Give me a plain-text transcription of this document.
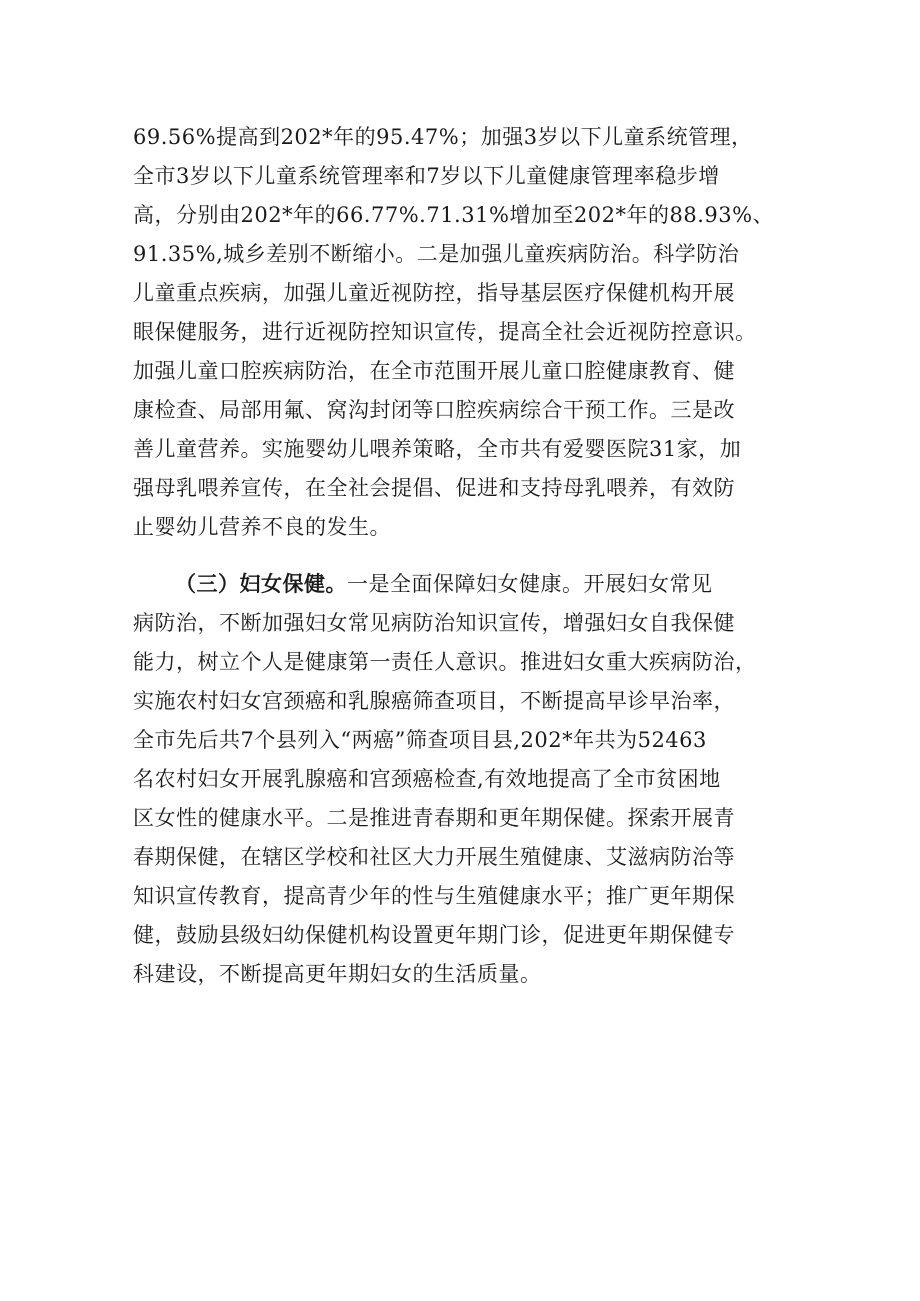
69.56%提高到202*年的95.47%；加强3岁以下儿童系统管理，
全市3岁以下儿童系统管理率和7岁以下儿童健康管理率稳步增
高，分别由202*年的66.77%.71.31%增加至202*年的88.93%、
91.35%,城乡差别不断缩小。二是加强儿童疾病防治。科学防治
儿童重点疾病，加强儿童近视防控，指导基层医疗保健机构开展
眼保健服务，进行近视防控知识宣传，提高全社会近视防控意识。
加强儿童口腔疾病防治，在全市范围开展儿童口腔健康教育、健
康检查、局部用氟、窝沟封闭等口腔疾病综合干预工作。三是改
善儿童营养。实施婴幼儿喂养策略，全市共有爱婴医院31家，加
强母乳喂养宣传，在全社会提倡、促进和支持母乳喂养，有效防
止婴幼儿营养不良的发生。
（三）妇女保健。一是全面保障妇女健康。开展妇女常见
病防治，不断加强妇女常见病防治知识宣传，增强妇女自我保健
能力，树立个人是健康第一责任人意识。推进妇女重大疾病防治，
实施农村妇女宫颈癌和乳腺癌筛查项目，不断提高早诊早治率，
全市先后共7个县列入“两癌”筛查项目县,202*年共为52463
名农村妇女开展乳腺癌和宫颈癌检查,有效地提高了全市贫困地
区女性的健康水平。二是推进青春期和更年期保健。探索开展青
春期保健，在辖区学校和社区大力开展生殖健康、艾滋病防治等
知识宣传教育，提高青少年的性与生殖健康水平；推广更年期保
健，鼓励县级妇幼保健机构设置更年期门诊，促进更年期保健专
科建设，不断提高更年期妇女的生活质量。
